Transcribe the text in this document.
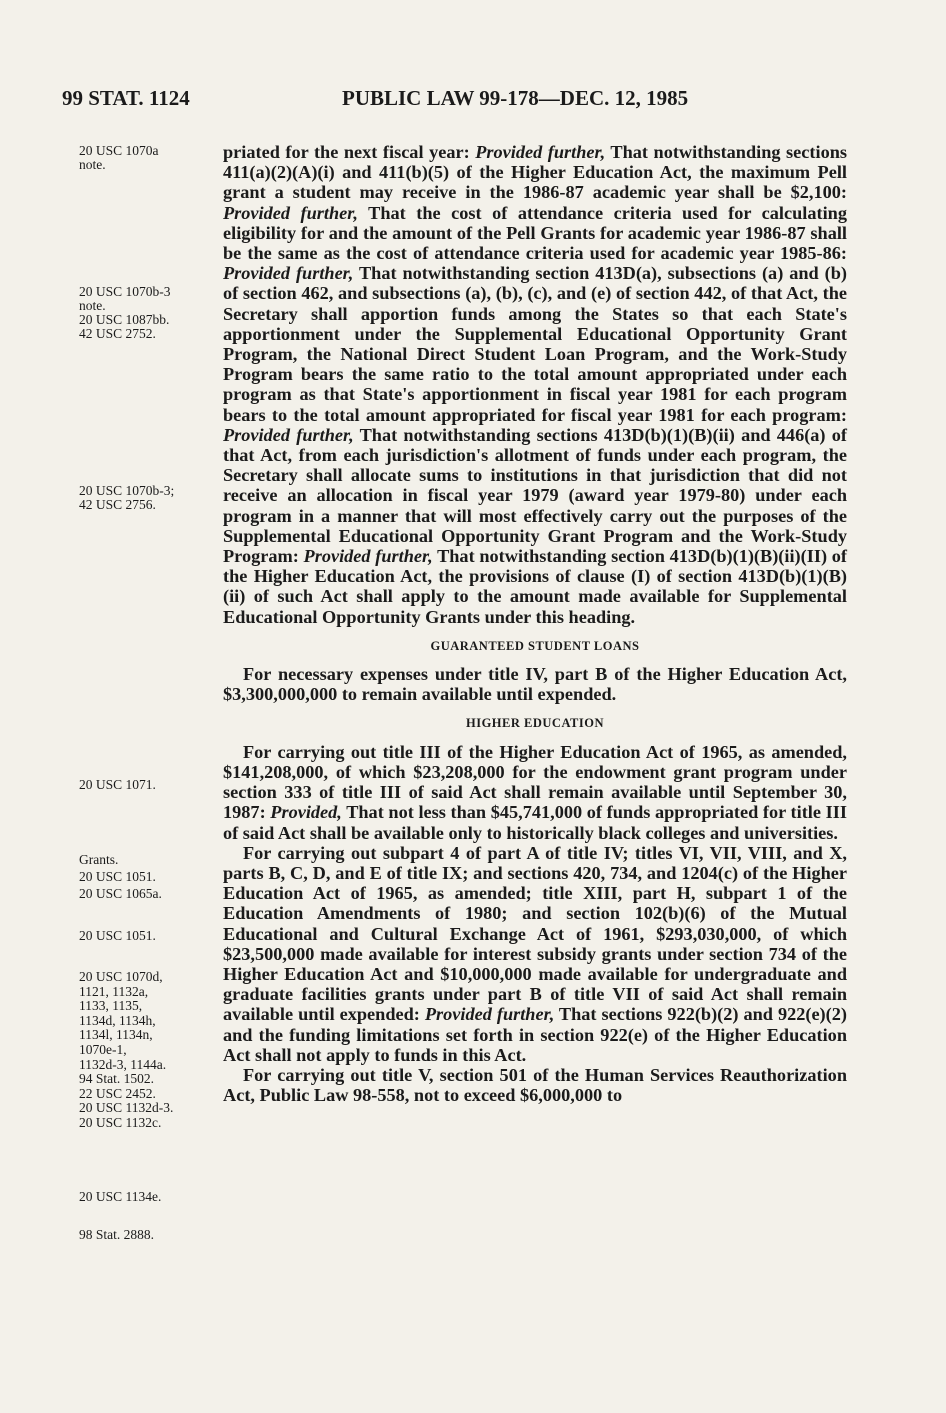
99 STAT. 1124	PUBLIC LAW 99-178—DEC. 12, 1985
20 USC 1070a
note.
20 USC 1070b-3
note.
20 USC 1087bb.
42 USC 2752.
20 USC 1070b-3;
42 USC 2756.
20 USC 1071.
Grants.
20 USC 1051.
20 USC 1065a.
20 USC 1051.
20 USC 1070d,
1121, 1132a,
1133, 1135,
1134d, 1134h,
1134l, 1134n,
1070e-1,
1132d-3, 1144a.
94 Stat. 1502.
22 USC 2452.
20 USC 1132d-3.
20 USC 1132c.
20 USC 1134e.
98 Stat. 2888.

priated for the next fiscal year: Provided further, That notwithstanding sections 411(a)(2)(A)(i) and 411(b)(5) of the Higher Education Act, the maximum Pell grant a student may receive in the 1986-87 academic year shall be $2,100: Provided further, That the cost of attendance criteria used for calculating eligibility for and the amount of the Pell Grants for academic year 1986-87 shall be the same as the cost of attendance criteria used for academic year 1985-86: Provided further, That notwithstanding section 413D(a), subsections (a) and (b) of section 462, and subsections (a), (b), (c), and (e) of section 442, of that Act, the Secretary shall apportion funds among the States so that each State's apportionment under the Supplemental Educational Opportunity Grant Program, the National Direct Student Loan Program, and the Work-Study Program bears the same ratio to the total amount appropriated under each program as that State's apportionment in fiscal year 1981 for each program bears to the total amount appropriated for fiscal year 1981 for each program: Provided further, That notwithstanding sections 413D(b)(1)(B)(ii) and 446(a) of that Act, from each jurisdiction's allotment of funds under each program, the Secretary shall allocate sums to institutions in that jurisdiction that did not receive an allocation in fiscal year 1979 (award year 1979-80) under each program in a manner that will most effectively carry out the purposes of the Supplemental Educational Opportunity Grant Program and the Work-Study Program: Provided further, That notwithstanding section 413D(b)(1)(B)(ii)(II) of the Higher Education Act, the provisions of clause (I) of section 413D(b)(1)(B)(ii) of such Act shall apply to the amount made available for Supplemental Educational Opportunity Grants under this heading.

GUARANTEED STUDENT LOANS

For necessary expenses under title IV, part B of the Higher Education Act, $3,300,000,000 to remain available until expended.

HIGHER EDUCATION

For carrying out title III of the Higher Education Act of 1965, as amended, $141,208,000, of which $23,208,000 for the endowment grant program under section 333 of title III of said Act shall remain available until September 30, 1987: Provided, That not less than $45,741,000 of funds appropriated for title III of said Act shall be available only to historically black colleges and universities.

For carrying out subpart 4 of part A of title IV; titles VI, VII, VIII, and X, parts B, C, D, and E of title IX; and sections 420, 734, and 1204(c) of the Higher Education Act of 1965, as amended; title XIII, part H, subpart 1 of the Education Amendments of 1980; and section 102(b)(6) of the Mutual Educational and Cultural Exchange Act of 1961, $293,030,000, of which $23,500,000 made available for interest subsidy grants under section 734 of the Higher Education Act and $10,000,000 made available for undergraduate and graduate facilities grants under part B of title VII of said Act shall remain available until expended: Provided further, That sections 922(b)(2) and 922(e)(2) and the funding limitations set forth in section 922(e) of the Higher Education Act shall not apply to funds in this Act.

For carrying out title V, section 501 of the Human Services Reauthorization Act, Public Law 98-558, not to exceed $6,000,000 to
